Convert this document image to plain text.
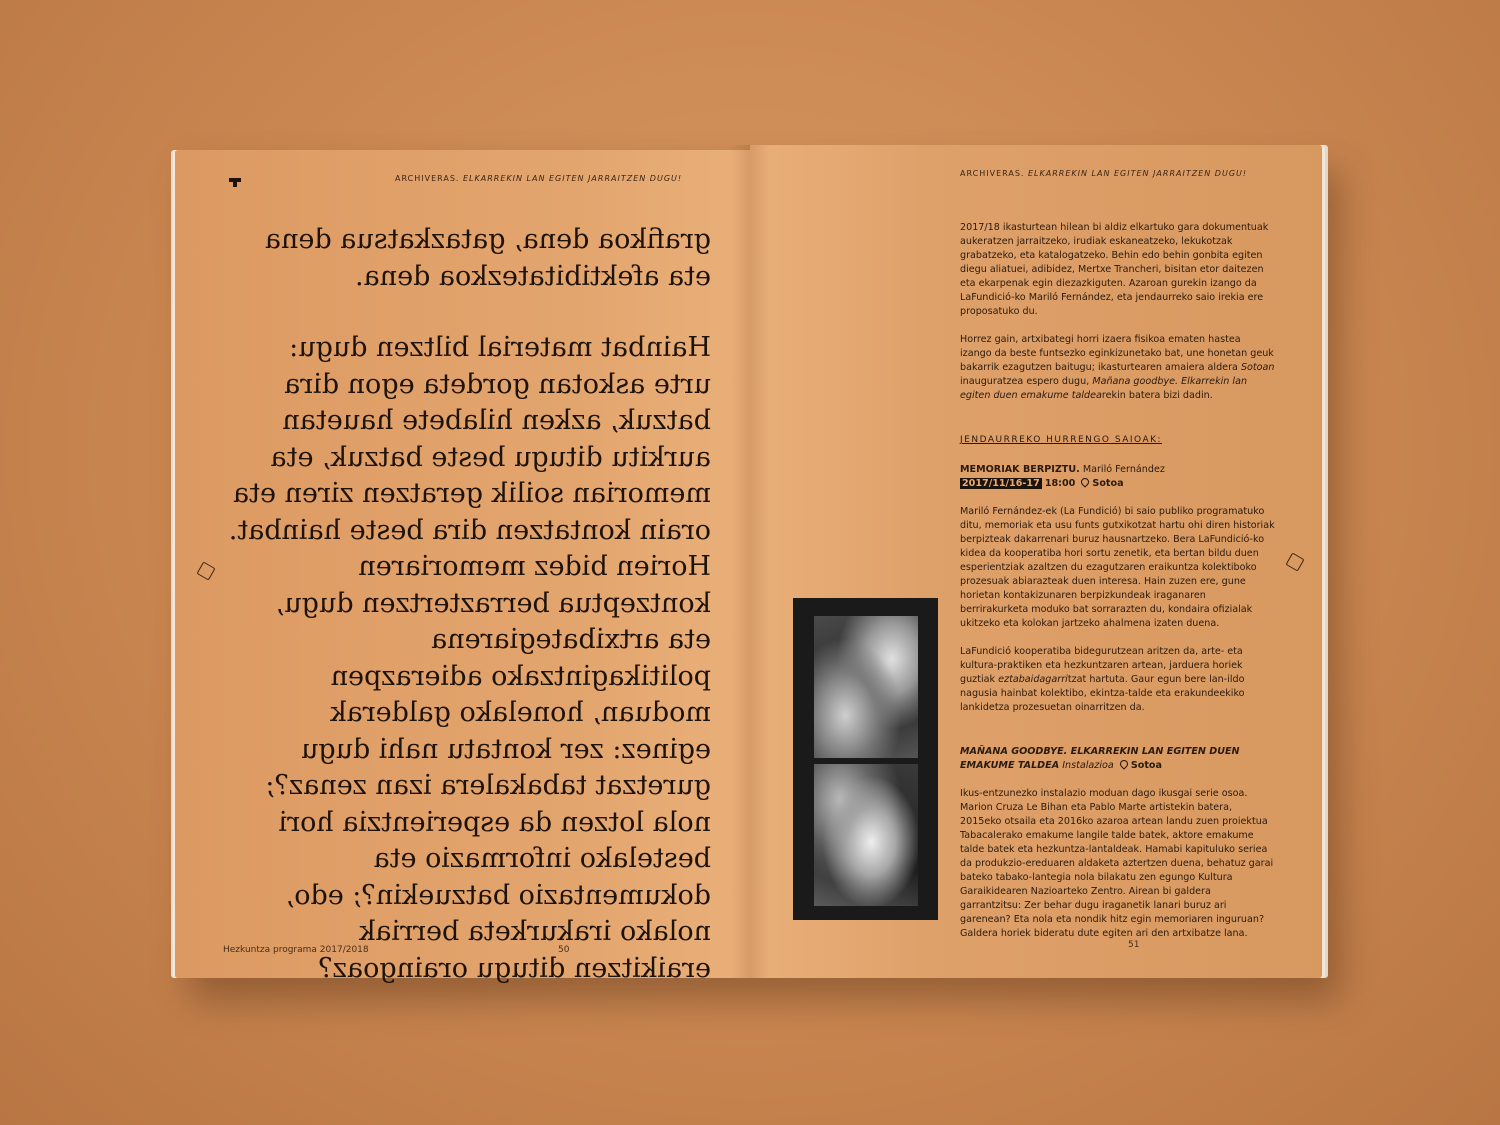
ARCHIVERAS. ELKARREKIN LAN EGITEN JARRAITZEN DUGU!

grafikoa dena, gatazkatsua dena eta afektibitatezkoa dena.

Hainbat material biltzen dugu: urte askotan gordeta egon dira batzuk, azken hilabete hauetan aurkitu ditugu beste batzuk, eta memorian soilik geratzen ziren eta orain kontatzen dira beste hainbat. Horien bidez memoriaren kontzeptua berraztertzen dugu, eta artxibategiarena politikagintzako adierazpen moduan, honelako galderak eginez: zer kontatu nahi dugu guretzat tabakalera izan zenaz?; nola lotzen da esperientzia hori bestelako informazio eta dokumentazio batzuekin?; edo, nolako irakurketa berriak eraikitzen ditugu oraingoaz?

Hezkuntza programa 2017/2018	50
ARCHIVERAS. ELKARREKIN LAN EGITEN JARRAITZEN DUGU!

2017/18 ikasturtean hilean bi aldiz elkartuko gara dokumentuak aukeratzen jarraitzeko, irudiak eskaneatzeko, lekukotzak grabatzeko, eta katalogatzeko. Behin edo behin gonbita egiten diegu aliatuei, adibidez, Mertxe Trancheri, bisitan etor daitezen eta ekarpenak egin diezazkiguten. Azaroan gurekin izango da LaFundició-ko Mariló Fernández, eta jendaurreko saio irekia ere proposatuko du.

Horrez gain, artxibategi horri izaera fisikoa ematen hastea izango da beste funtsezko eginkizunetako bat, une honetan geuk bakarrik ezagutzen baitugu; ikasturtearen amaiera aldera Sotoan inauguratzea espero dugu, Mañana goodbye. Elkarrekin lan egiten duen emakume taldearekin batera bizi dadin.

JENDAURREKO HURRENGO SAIOAK:

MEMORIAK BERPIZTU. Mariló Fernández
2017/11/16-17 18:00 Sotoa

Mariló Fernández-ek (La Fundició) bi saio publiko programatuko ditu, memoriak eta usu funts gutxikotzat hartu ohi diren historiak berpizteak dakarrenari buruz hausnartzeko. Bera LaFundició-ko kidea da kooperatiba hori sortu zenetik, eta bertan bildu duen esperientziak azaltzen du ezagutzaren eraikuntza kolektiboko prozesuak abiarazteak duen interesa. Hain zuzen ere, gune horietan kontakizunaren berpizkundeak iraganaren berrirakurketa moduko bat sorrarazten du, kondaira ofizialak ukitzeko eta kolokan jartzeko ahalmena izaten duena.

LaFundició kooperatiba bidegurutzean aritzen da, arte- eta kultura-praktiken eta hezkuntzaren artean, jarduera horiek guztiak eztabaidagarritzat hartuta. Gaur egun bere lan-ildo nagusia hainbat kolektibo, ekintza-talde eta erakundeekiko lankidetza prozesuetan oinarritzen da.

MAÑANA GOODBYE. ELKARREKIN LAN EGITEN DUEN EMAKUME TALDEA Instalazioa Sotoa

Ikus-entzunezko instalazio moduan dago ikusgai serie osoa. Marion Cruza Le Bihan eta Pablo Marte artistekin batera, 2015eko otsaila eta 2016ko azaroa artean landu zuen proiektua Tabacalerako emakume langile talde batek, aktore emakume talde batek eta hezkuntza-lantaldeak. Hamabi kapituluko seriea da produkzio-ereduaren aldaketa aztertzen duena, behatuz garai bateko tabako-lantegia nola bilakatu zen egungo Kultura Garaikidearen Nazioarteko Zentro. Airean bi galdera garrantzitsu: Zer behar dugu iraganetik lanari buruz ari garenean? Eta nola eta nondik hitz egin memoriaren inguruan? Galdera horiek bideratu dute egiten ari den artxibatze lana.

51
